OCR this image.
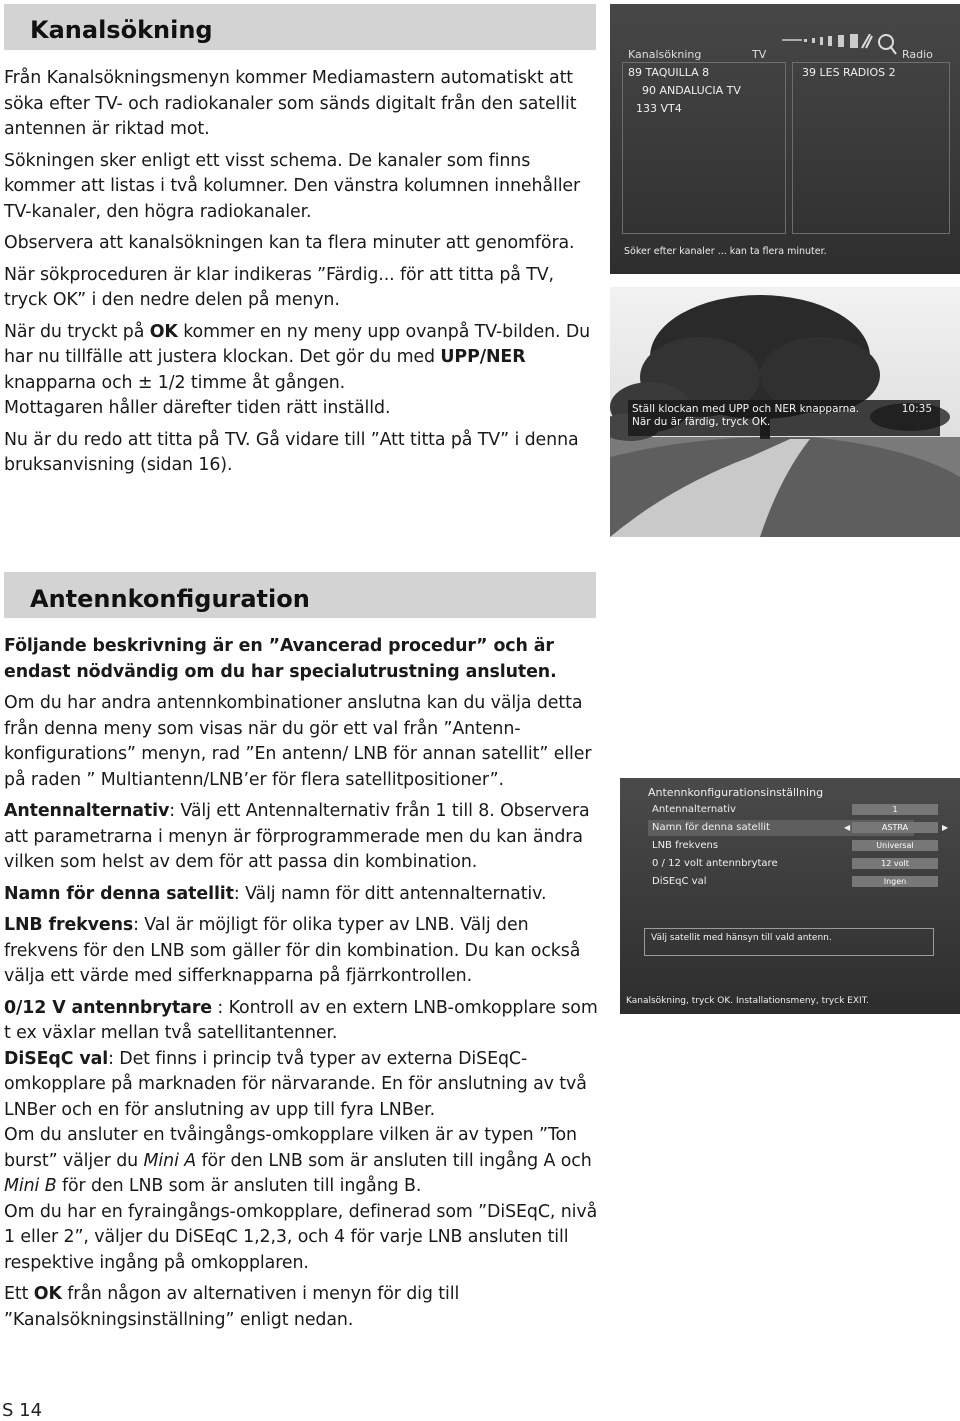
Kanalsökning

Från Kanalsökningsmenyn kommer Mediamastern automatiskt att söka efter TV- och radiokanaler som sänds digitalt från den satellit antennen är riktad mot.

Sökningen sker enligt ett visst schema. De kanaler som finns kommer att listas i två kolumner. Den vänstra kolumnen innehåller TV-kanaler, den högra radiokanaler.

Observera att kanalsökningen kan ta flera minuter att genomföra.

När sökproceduren är klar indikeras ”Färdig... för att titta på TV, tryck OK” i den nedre delen på menyn.

När du tryckt på OK kommer en ny meny upp ovanpå TV-bilden. Du har nu tillfälle att justera klockan. Det gör du med UPP/NER knapparna och ± 1/2 timme åt gången.

Mottagaren håller därefter tiden rätt inställd.

Nu är du redo att titta på TV. Gå vidare till ”Att titta på TV” i denna bruksanvisning (sidan 16).

Kanalsökning	TV	Radio
89 TAQUILLA 8
90 ANDALUCIA TV
133 VT4
39 LES RADIOS 2
Söker efter kanaler ... kan ta flera minuter.
Ställ klockan med UPP och NER knapparna.
När du är färdig, tryck OK.
10:35
Antennkonfiguration

Följande beskrivning är en ”Avancerad procedur” och är endast nödvändig om du har specialutrustning ansluten.

Om du har andra antennkombinationer anslutna kan du välja detta från denna meny som visas när du gör ett val från ”Antenn-konfigurations” menyn, rad ”En antenn/ LNB för annan satellit” eller på raden ” Multiantenn/LNB’er för flera satellitpositioner”.

Antennalternativ: Välj ett Antennalternativ från 1 till 8. Observera att parametrarna i menyn är förprogrammerade men du kan ändra vilken som helst av dem för att passa din kombination.

Namn för denna satellit: Välj namn för ditt antennalternativ.

LNB frekvens: Val är möjligt för olika typer av LNB. Välj den frekvens för den LNB som gäller för din kombination. Du kan också välja ett värde med sifferknapparna på fjärrkontrollen.

0/12 V antennbrytare : Kontroll av en extern LNB-omkopplare som t ex växlar mellan två satellitantenner.

DiSEqC val: Det finns i princip två typer av externa DiSEqC-omkopplare på marknaden för närvarande. En för anslutning av två LNBer och en för anslutning av upp till fyra LNBer.

Om du ansluter en tvåingångs-omkopplare vilken är av typen ”Ton burst” väljer du Mini A för den LNB som är ansluten till ingång A och Mini B för den LNB som är ansluten till ingång B.

Om du har en fyraingångs-omkopplare, definerad som ”DiSEqC, nivå 1 eller 2”, väljer du DiSEqC 1,2,3, och 4 för varje LNB ansluten till respektive ingång på omkopplaren.

Ett OK från någon av alternativen i menyn för dig till ”Kanalsökningsinställning” enligt nedan.

Antennkonfigurationsinställning
Antennalternativ	1
Namn för denna satellit	◀	ASTRA	▶
LNB frekvens	Universal
0 / 12 volt antennbrytare	12 volt
DiSEqC val	Ingen
Välj satellit med hänsyn till vald antenn.
Kanalsökning, tryck OK. Installationsmeny, tryck EXIT.
S 14
